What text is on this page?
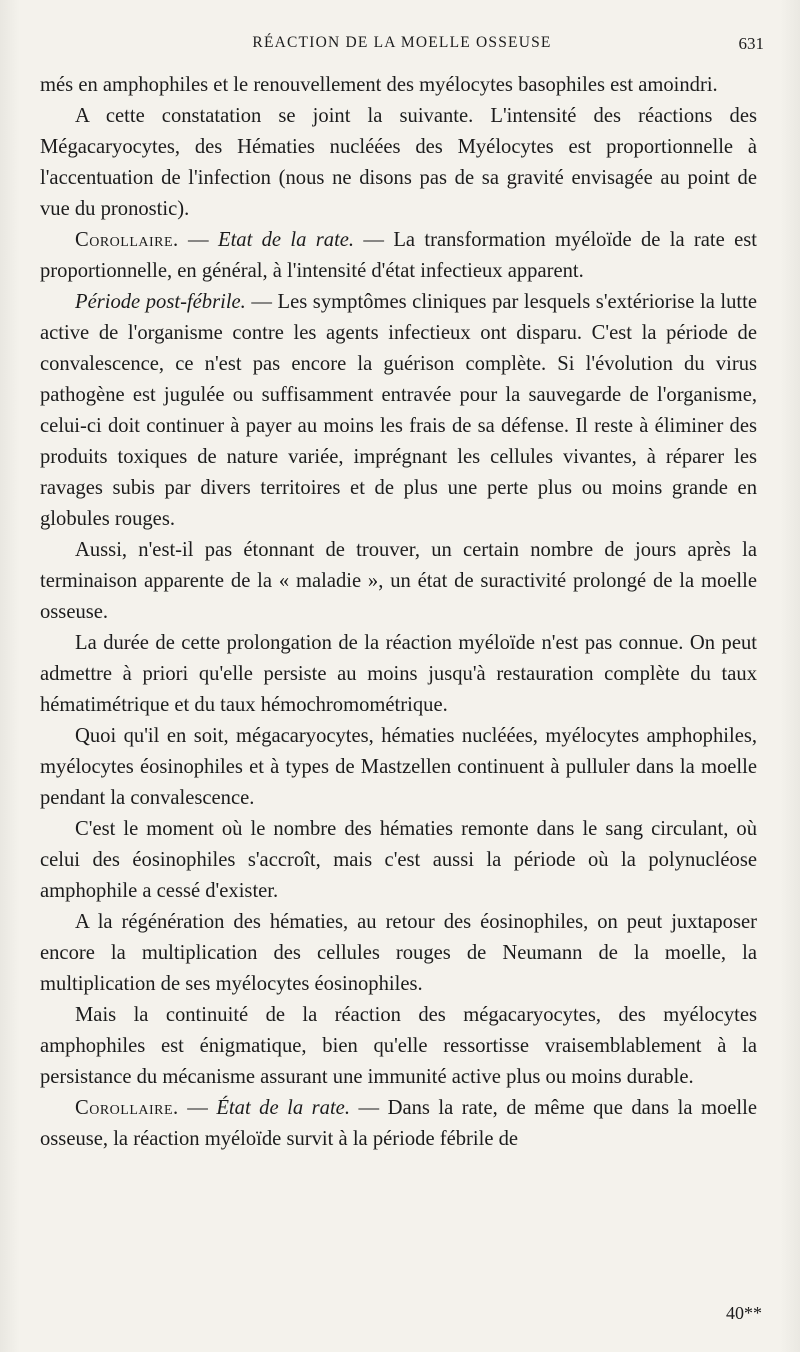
RÉACTION DE LA MOELLE OSSEUSE	631

més en amphophiles et le renouvellement des myélocytes basophiles est amoindri.

A cette constatation se joint la suivante. L'intensité des réactions des Mégacaryocytes, des Hématies nucléées des Myélocytes est proportionnelle à l'accentuation de l'infection (nous ne disons pas de sa gravité envisagée au point de vue du pronostic).

Corollaire. — Etat de la rate. — La transformation myéloïde de la rate est proportionnelle, en général, à l'intensité d'état infectieux apparent.

Période post-fébrile. — Les symptômes cliniques par lesquels s'extériorise la lutte active de l'organisme contre les agents infectieux ont disparu. C'est la période de convalescence, ce n'est pas encore la guérison complète. Si l'évolution du virus pathogène est jugulée ou suffisamment entravée pour la sauvegarde de l'organisme, celui-ci doit continuer à payer au moins les frais de sa défense. Il reste à éliminer des produits toxiques de nature variée, imprégnant les cellules vivantes, à réparer les ravages subis par divers territoires et de plus une perte plus ou moins grande en globules rouges.

Aussi, n'est-il pas étonnant de trouver, un certain nombre de jours après la terminaison apparente de la « maladie », un état de suractivité prolongé de la moelle osseuse.

La durée de cette prolongation de la réaction myéloïde n'est pas connue. On peut admettre à priori qu'elle persiste au moins jusqu'à restauration complète du taux hématimétrique et du taux hémochromométrique.

Quoi qu'il en soit, mégacaryocytes, hématies nucléées, myélocytes amphophiles, myélocytes éosinophiles et à types de Mastzellen continuent à pulluler dans la moelle pendant la convalescence.

C'est le moment où le nombre des hématies remonte dans le sang circulant, où celui des éosinophiles s'accroît, mais c'est aussi la période où la polynucléose amphophile a cessé d'exister.

A la régénération des hématies, au retour des éosinophiles, on peut juxtaposer encore la multiplication des cellules rouges de Neumann de la moelle, la multiplication de ses myélocytes éosinophiles.

Mais la continuité de la réaction des mégacaryocytes, des myélocytes amphophiles est énigmatique, bien qu'elle ressortisse vraisemblablement à la persistance du mécanisme assurant une immunité active plus ou moins durable.

Corollaire. — État de la rate. — Dans la rate, de même que dans la moelle osseuse, la réaction myéloïde survit à la période fébrile de

40**
